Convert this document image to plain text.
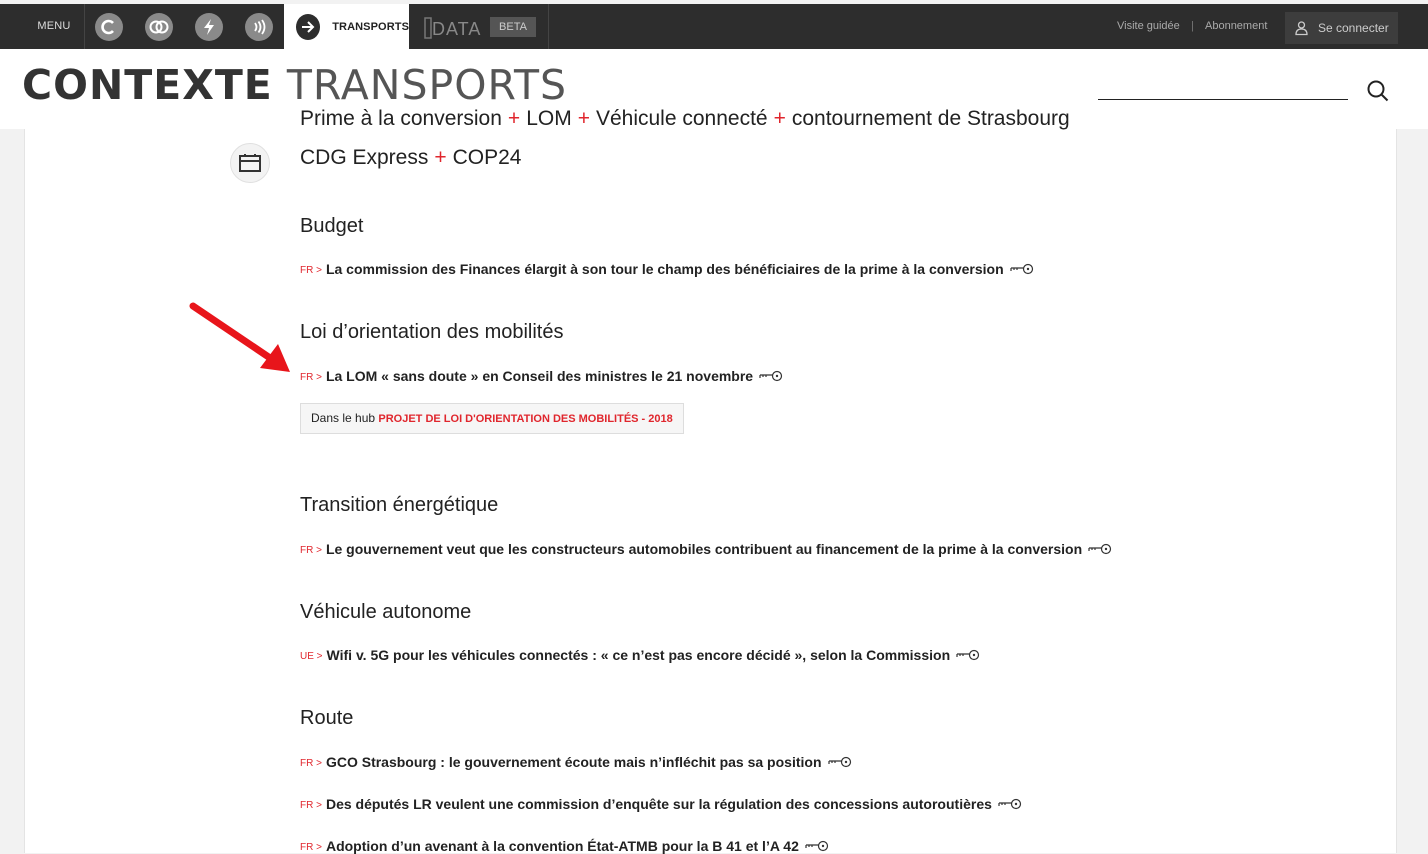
MENU	TRANSPORTS DATA	BETA	Visite guidée | Abonnement	Se connecter
CONTEXTE TRANSPORTS
Prime à la conversion + LOM + Véhicule connecté + contournement de Strasbourg
CDG Express + COP24
Budget
FR > La commission des Finances élargit à son tour le champ des bénéficiaires de la prime à la conversion
Loi d’orientation des mobilités
FR > La LOM « sans doute » en Conseil des ministres le 21 novembre
Dans le hub PROJET DE LOI D'ORIENTATION DES MOBILITÉS - 2018
Transition énergétique
FR > Le gouvernement veut que les constructeurs automobiles contribuent au financement de la prime à la conversion
Véhicule autonome
UE > Wifi v. 5G pour les véhicules connectés : « ce n’est pas encore décidé », selon la Commission
Route
FR > GCO Strasbourg : le gouvernement écoute mais n’infléchit pas sa position
FR > Des députés LR veulent une commission d’enquête sur la régulation des concessions autoroutières
FR > Adoption d’un avenant à la convention État-ATMB pour la B 41 et l’A 42
